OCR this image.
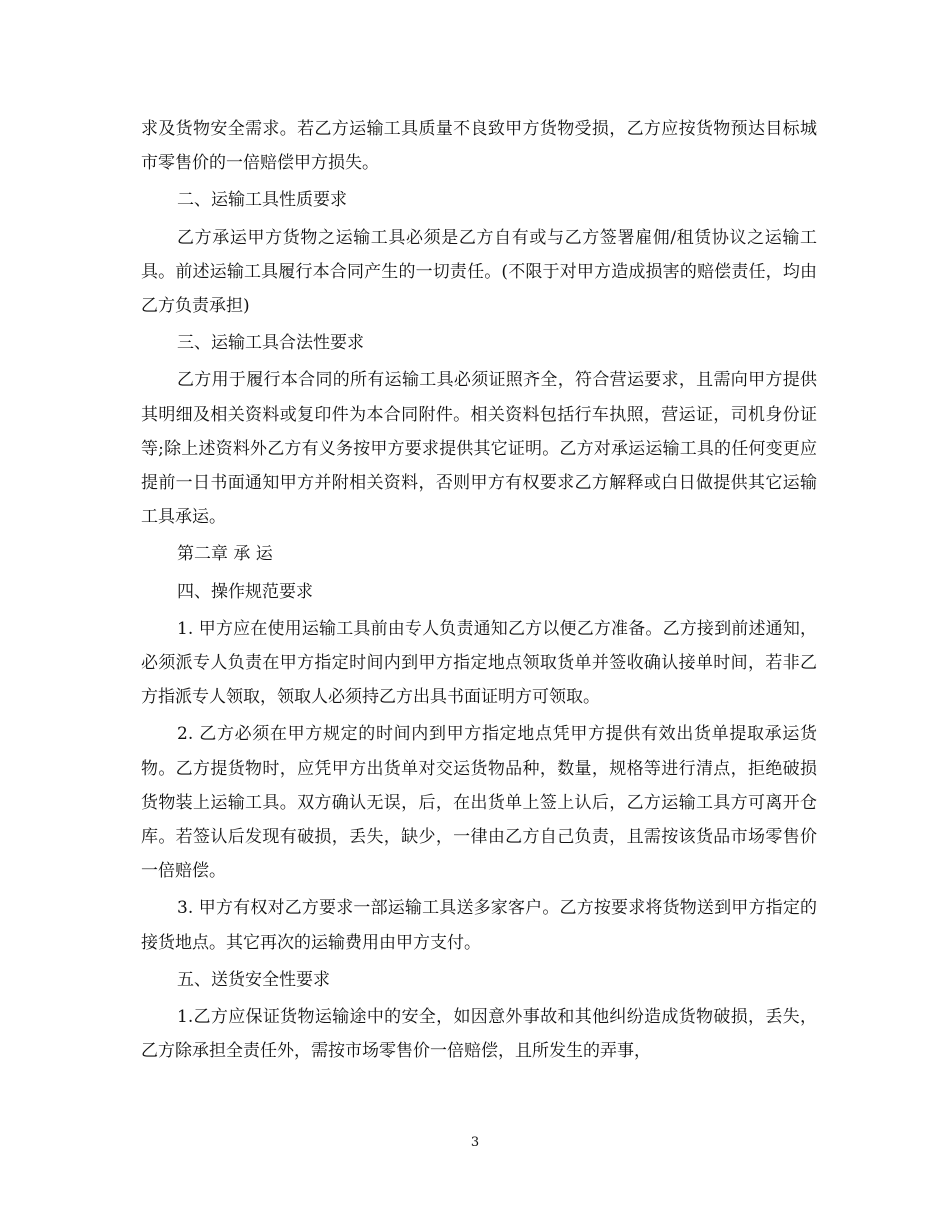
求及货物安全需求。若乙方运输工具质量不良致甲方货物受损，乙方应按货物预达目标城市零售价的一倍赔偿甲方损失。

二、运输工具性质要求

乙方承运甲方货物之运输工具必须是乙方自有或与乙方签署雇佣/租赁协议之运输工具。前述运输工具履行本合同产生的一切责任。(不限于对甲方造成损害的赔偿责任，均由乙方负责承担)

三、运输工具合法性要求

乙方用于履行本合同的所有运输工具必须证照齐全，符合营运要求，且需向甲方提供其明细及相关资料或复印件为本合同附件。相关资料包括行车执照，营运证，司机身份证等;除上述资料外乙方有义务按甲方要求提供其它证明。乙方对承运运输工具的任何变更应提前一日书面通知甲方并附相关资料，否则甲方有权要求乙方解释或白日做提供其它运输工具承运。

第二章 承 运

四、操作规范要求

1. 甲方应在使用运输工具前由专人负责通知乙方以便乙方准备。乙方接到前述通知，必须派专人负责在甲方指定时间内到甲方指定地点领取货单并签收确认接单时间，若非乙方指派专人领取，领取人必须持乙方出具书面证明方可领取。

2. 乙方必须在甲方规定的时间内到甲方指定地点凭甲方提供有效出货单提取承运货物。乙方提货物时，应凭甲方出货单对交运货物品种，数量，规格等进行清点，拒绝破损货物装上运输工具。双方确认无误，后，在出货单上签上认后，乙方运输工具方可离开仓库。若签认后发现有破损，丢失，缺少，一律由乙方自己负责，且需按该货品市场零售价一倍赔偿。

3. 甲方有权对乙方要求一部运输工具送多家客户。乙方按要求将货物送到甲方指定的接货地点。其它再次的运输费用由甲方支付。

五、送货安全性要求

1.乙方应保证货物运输途中的安全，如因意外事故和其他纠纷造成货物破损，丢失，乙方除承担全责任外，需按市场零售价一倍赔偿，且所发生的弄事，

3
